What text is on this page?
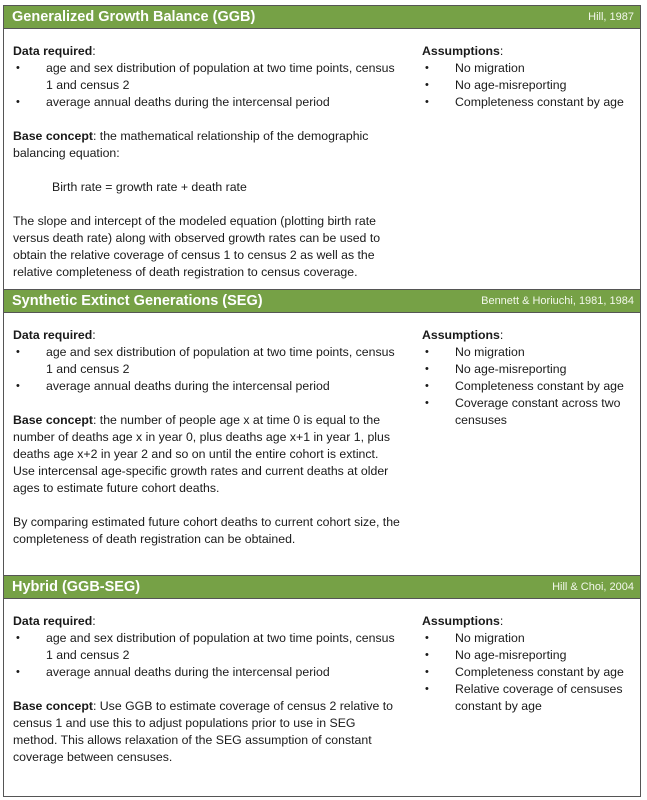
Generalized Growth Balance (GGB)	Hill, 1987

Data required:

• age and sex distribution of population at two time points, census 1 and census 2
• average annual deaths during the intercensal period

Base concept: the mathematical relationship of the demographic balancing equation:

Birth rate = growth rate + death rate

The slope and intercept of the modeled equation (plotting birth rate versus death rate) along with observed growth rates can be used to obtain the relative coverage of census 1 to census 2 as well as the relative completeness of death registration to census coverage.

Assumptions:

• No migration
• No age-misreporting
• Completeness constant by age
Synthetic Extinct Generations (SEG)	Bennett & Horiuchi, 1981, 1984

Data required:

• age and sex distribution of population at two time points, census 1 and census 2
• average annual deaths during the intercensal period

Base concept: the number of people age x at time 0 is equal to the number of deaths age x in year 0, plus deaths age x+1 in year 1, plus deaths age x+2 in year 2 and so on until the entire cohort is extinct. Use intercensal age-specific growth rates and current deaths at older ages to estimate future cohort deaths.

By comparing estimated future cohort deaths to current cohort size, the completeness of death registration can be obtained.

Assumptions:

• No migration
• No age-misreporting
• Completeness constant by age
• Coverage constant across two censuses
Hybrid (GGB-SEG)	Hill & Choi, 2004

Data required:

• age and sex distribution of population at two time points, census 1 and census 2
• average annual deaths during the intercensal period

Base concept: Use GGB to estimate coverage of census 2 relative to census 1 and use this to adjust populations prior to use in SEG method. This allows relaxation of the SEG assumption of constant coverage between censuses.

Assumptions:

• No migration
• No age-misreporting
• Completeness constant by age
• Relative coverage of censuses constant by age
